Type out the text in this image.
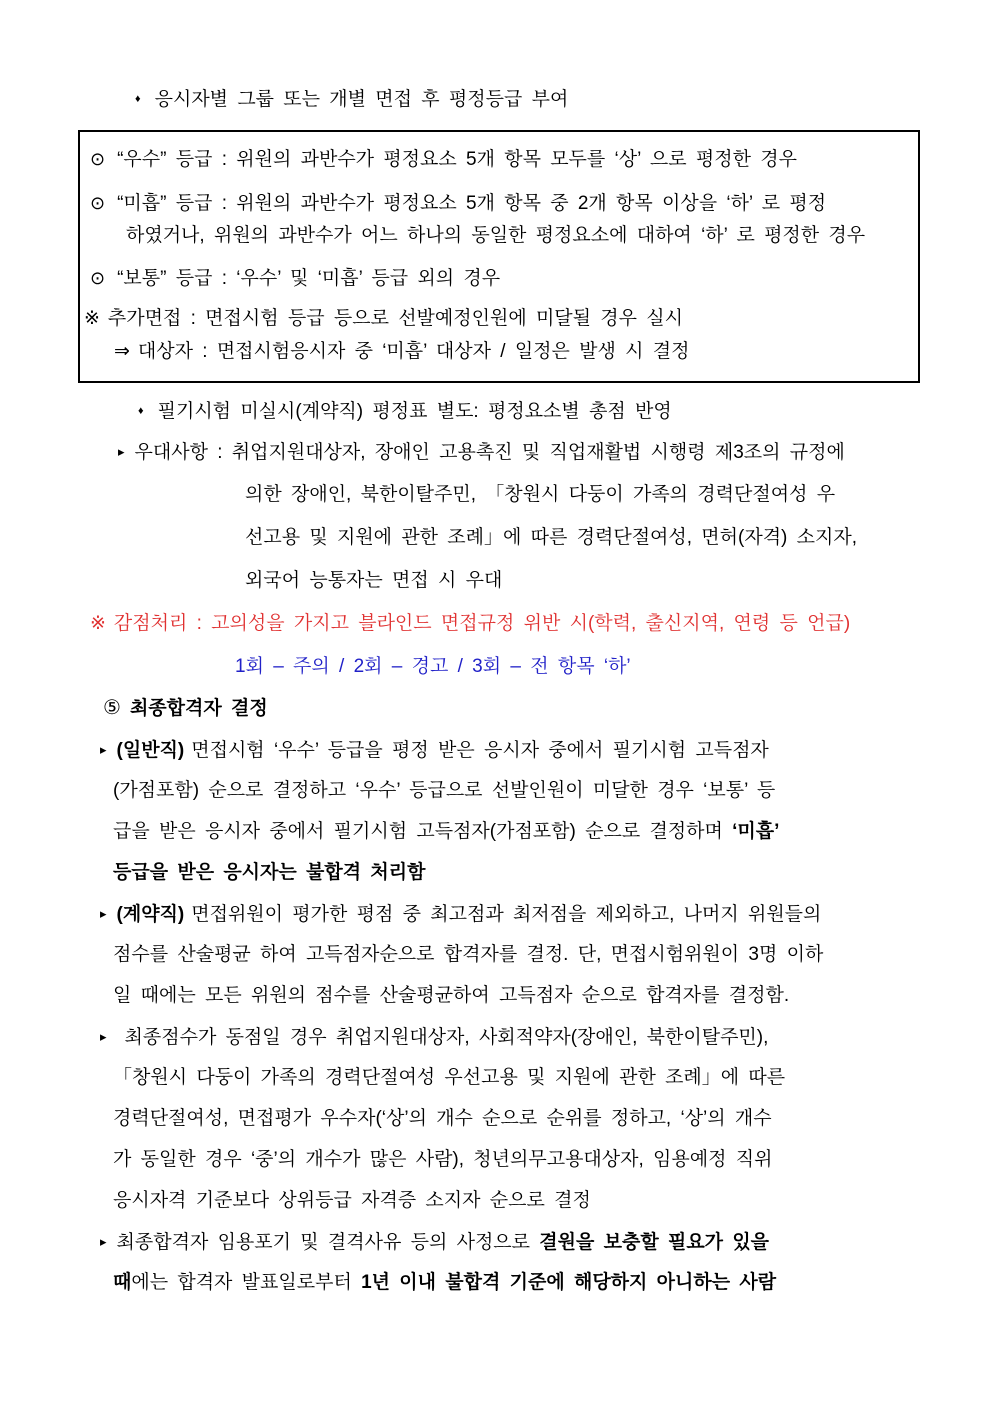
♦ 응시자별 그룹 또는 개별 면접 후 평정등급 부여
⊙ “우수” 등급 : 위원의 과반수가 평정요소 5개 항목 모두를 ‘상’ 으로 평정한 경우
⊙ “미흡” 등급 : 위원의 과반수가 평정요소 5개 항목 중 2개 항목 이상을 ‘하’ 로 평정
하였거나, 위원의 과반수가 어느 하나의 동일한 평정요소에 대하여 ‘하’ 로 평정한 경우
⊙ “보통” 등급 : ‘우수’ 및 ‘미흡’ 등급 외의 경우
※ 추가면접 : 면접시험 등급 등으로 선발예정인원에 미달될 경우 실시
⇒ 대상자 : 면접시험응시자 중 ‘미흡’ 대상자 / 일정은 발생 시 결정
♦ 필기시험 미실시(계약직) 평정표 별도: 평정요소별 총점 반영
▸ 우대사항 : 취업지원대상자, 장애인 고용촉진 및 직업재활법 시행령 제3조의 규정에
의한 장애인, 북한이탈주민, 「창원시 다둥이 가족의 경력단절여성 우
선고용 및 지원에 관한 조례」에 따른 경력단절여성, 면허(자격) 소지자,
외국어 능통자는 면접 시 우대
※ 감점처리 : 고의성을 가지고 블라인드 면접규정 위반 시(학력, 출신지역, 연령 등 언급)
1회 – 주의 / 2회 – 경고 / 3회 – 전 항목 ‘하’
⑤ 최종합격자 결정
▸ (일반직) 면접시험 ‘우수’ 등급을 평정 받은 응시자 중에서 필기시험 고득점자
(가점포함) 순으로 결정하고 ‘우수’ 등급으로 선발인원이 미달한 경우 ‘보통’ 등
급을 받은 응시자 중에서 필기시험 고득점자(가점포함) 순으로 결정하며 ‘미흡’
등급을 받은 응시자는 불합격 처리함
▸ (계약직) 면접위원이 평가한 평점 중 최고점과 최저점을 제외하고, 나머지 위원들의
점수를 산술평균 하여 고득점자순으로 합격자를 결정. 단, 면접시험위원이 3명 이하
일 때에는 모든 위원의 점수를 산술평균하여 고득점자 순으로 합격자를 결정함.
▸ 최종점수가 동점일 경우 취업지원대상자, 사회적약자(장애인, 북한이탈주민),
「창원시 다둥이 가족의 경력단절여성 우선고용 및 지원에 관한 조례」에 따른
경력단절여성, 면접평가 우수자(‘상’의 개수 순으로 순위를 정하고, ‘상’의 개수
가 동일한 경우 ‘중’의 개수가 많은 사람), 청년의무고용대상자, 임용예정 직위
응시자격 기준보다 상위등급 자격증 소지자 순으로 결정
▸ 최종합격자 임용포기 및 결격사유 등의 사정으로 결원을 보충할 필요가 있을
때에는 합격자 발표일로부터 1년 이내 불합격 기준에 해당하지 아니하는 사람
